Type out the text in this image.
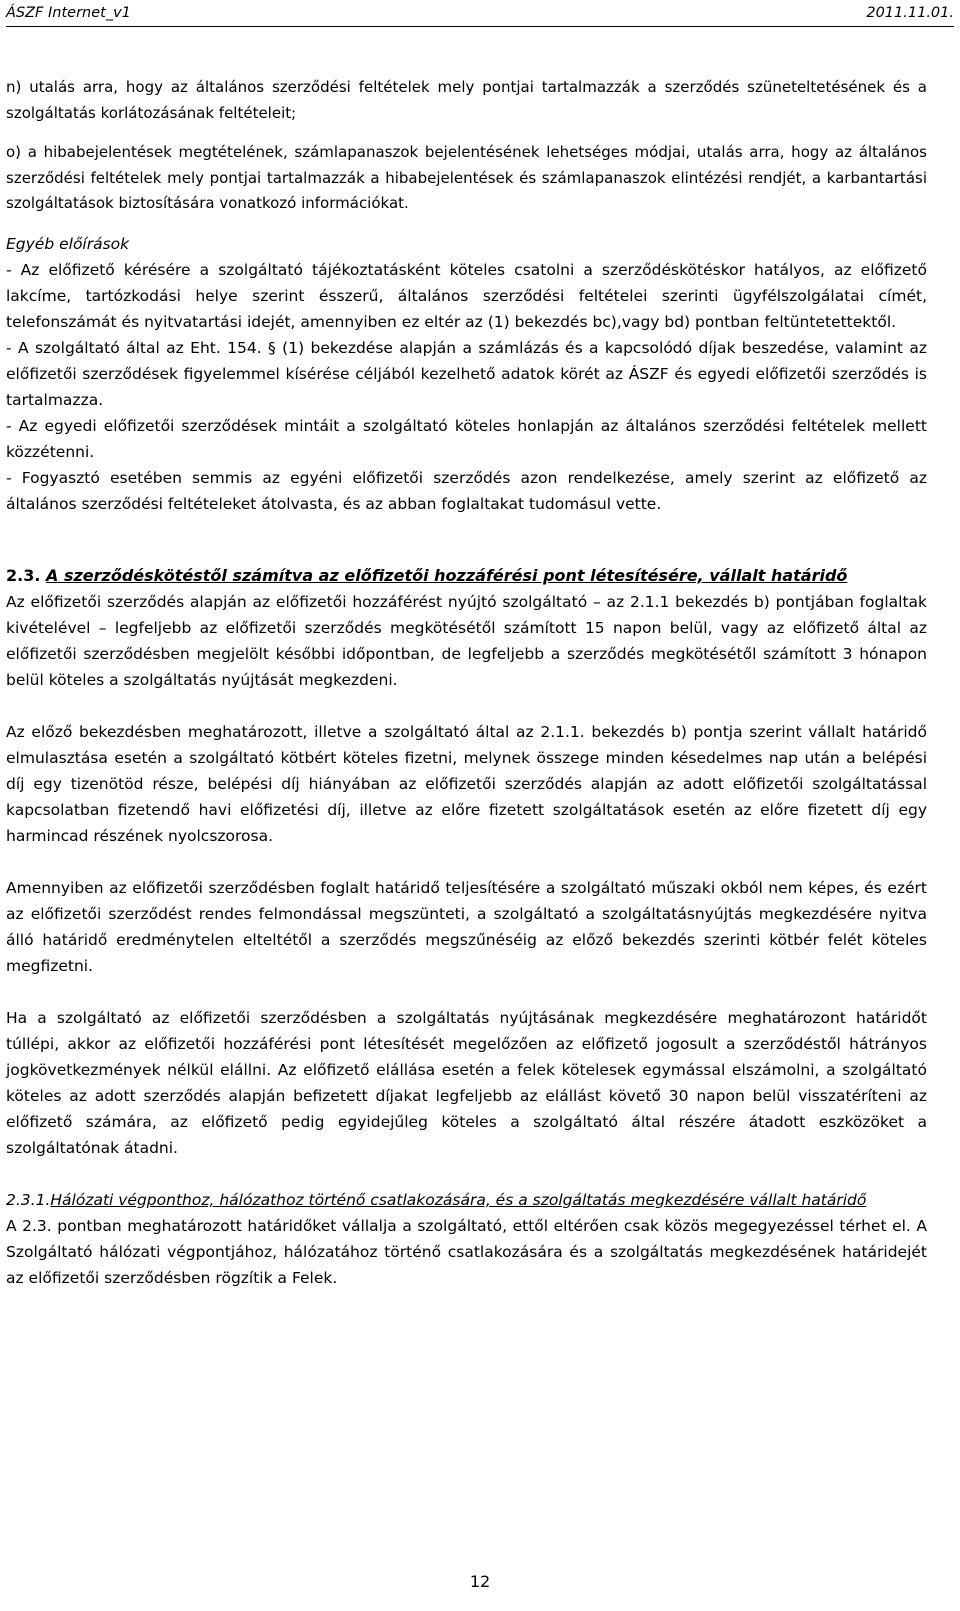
ÁSZF Internet_v1	2011.11.01.

n) utalás arra, hogy az általános szerződési feltételek mely pontjai tartalmazzák a szerződés szüneteltetésének és a szolgáltatás korlátozásának feltételeit;

o) a hibabejelentések megtételének, számlapanaszok bejelentésének lehetséges módjai, utalás arra, hogy az általános szerződési feltételek mely pontjai tartalmazzák a hibabejelentések és számlapanaszok elintézési rendjét, a karbantartási szolgáltatások biztosítására vonatkozó információkat.

Egyéb előírások

- Az előfizető kérésére a szolgáltató tájékoztatásként köteles csatolni a szerződéskötéskor hatályos, az előfizető lakcíme, tartózkodási helye szerint ésszerű, általános szerződési feltételei szerinti ügyfélszolgálatai címét, telefonszámát és nyitvatartási idejét, amennyiben ez eltér az (1) bekezdés bc),vagy bd) pontban feltüntetettektől.

- A szolgáltató által az Eht. 154. § (1) bekezdése alapján a számlázás és a kapcsolódó díjak beszedése, valamint az előfizetői szerződések figyelemmel kísérése céljából kezelhető adatok körét az ÁSZF és egyedi előfizetői szerződés is tartalmazza.

- Az egyedi előfizetői szerződések mintáit a szolgáltató köteles honlapján az általános szerződési feltételek mellett közzétenni.

- Fogyasztó esetében semmis az egyéni előfizetői szerződés azon rendelkezése, amely szerint az előfizető az általános szerződési feltételeket átolvasta, és az abban foglaltakat tudomásul vette.

2.3. A szerződéskötéstől számítva az előfizetői hozzáférési pont létesítésére, vállalt határidő

Az előfizetői szerződés alapján az előfizetői hozzáférést nyújtó szolgáltató – az 2.1.1 bekezdés b) pontjában foglaltak kivételével – legfeljebb az előfizetői szerződés megkötésétől számított 15 napon belül, vagy az előfizető által az előfizetői szerződésben megjelölt későbbi időpontban, de legfeljebb a szerződés megkötésétől számított 3 hónapon belül köteles a szolgáltatás nyújtását megkezdeni.

Az előző bekezdésben meghatározott, illetve a szolgáltató által az 2.1.1. bekezdés b) pontja szerint vállalt határidő elmulasztása esetén a szolgáltató kötbért köteles fizetni, melynek összege minden késedelmes nap után a belépési díj egy tizenötöd része, belépési díj hiányában az előfizetői szerződés alapján az adott előfizetői szolgáltatással kapcsolatban fizetendő havi előfizetési díj, illetve az előre fizetett szolgáltatások esetén az előre fizetett díj egy harmincad részének nyolcszorosa.

Amennyiben az előfizetői szerződésben foglalt határidő teljesítésére a szolgáltató műszaki okból nem képes, és ezért az előfizetői szerződést rendes felmondással megszünteti, a szolgáltató a szolgáltatásnyújtás megkezdésére nyitva álló határidő eredménytelen elteltétől a szerződés megszűnéséig az előző bekezdés szerinti kötbér felét köteles megfizetni.

Ha a szolgáltató az előfizetői szerződésben a szolgáltatás nyújtásának megkezdésére meghatározont határidőt túllépi, akkor az előfizetői hozzáférési pont létesítését megelőzően az előfizető jogosult a szerződéstől hátrányos jogkövetkezmények nélkül elállni. Az előfizető elállása esetén a felek kötelesek egymással elszámolni, a szolgáltató köteles az adott szerződés alapján befizetett díjakat legfeljebb az elállást követő 30 napon belül visszatéríteni az előfizető számára, az előfizető pedig egyidejűleg köteles a szolgáltató által részére átadott eszközöket a szolgáltatónak átadni.

2.3.1.Hálózati végponthoz, hálózathoz történő csatlakozására, és a szolgáltatás megkezdésére vállalt határidő

A 2.3. pontban meghatározott határidőket vállalja a szolgáltató, ettől eltérően csak közös megegyezéssel térhet el. A Szolgáltató hálózati végpontjához, hálózatához történő csatlakozására és a szolgáltatás megkezdésének határidejét az előfizetői szerződésben rögzítik a Felek.

12
